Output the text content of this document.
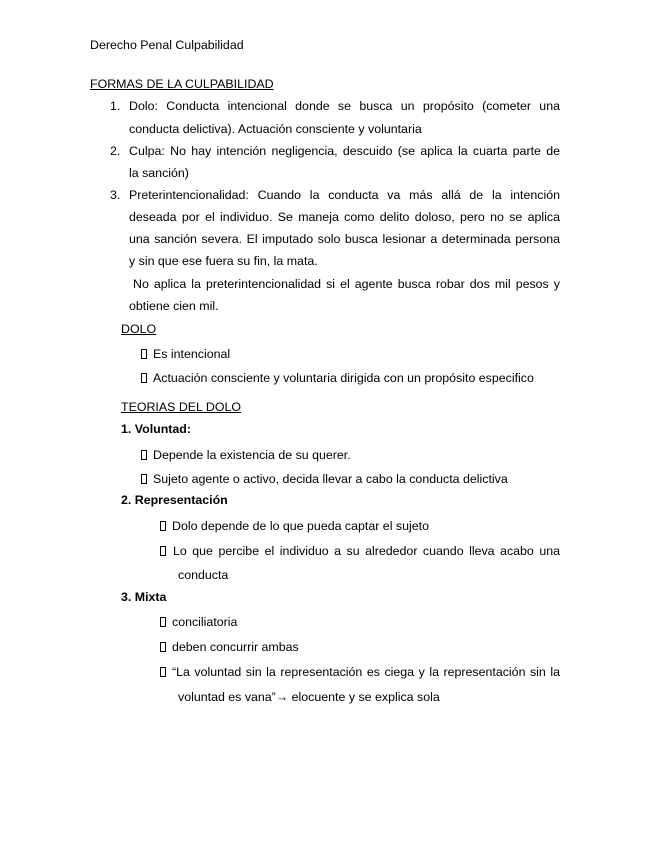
Derecho Penal Culpabilidad
FORMAS DE LA CULPABILIDAD
1. Dolo: Conducta intencional donde se busca un propósito (cometer una
conducta delictiva). Actuación consciente y voluntaria
2. Culpa: No hay intención negligencia, descuido (se aplica la cuarta parte de
la sanción)
3. Preterintencionalidad: Cuando la conducta va más allá de la intención
deseada por el individuo. Se maneja como delito doloso, pero no se aplica
una sanción severa. El imputado solo busca lesionar a determinada persona
y sin que ese fuera su fin, la mata.
No aplica la preterintencionalidad si el agente busca robar dos mil pesos y
obtiene cien mil.
DOLO
Es intencional
Actuación consciente y voluntaria dirigida con un propósito especifico
TEORIAS DEL DOLO
1. Voluntad:
Depende la existencia de su querer.
Sujeto agente o activo, decida llevar a cabo la conducta delictiva
2. Representación
Dolo depende de lo que pueda captar el sujeto
Lo que percibe el individuo a su alrededor cuando lleva acabo una
conducta
3. Mixta
conciliatoria
deben concurrir ambas
“La voluntad sin la representación es ciega y la representación sin la
voluntad es vana”→ elocuente y se explica sola
